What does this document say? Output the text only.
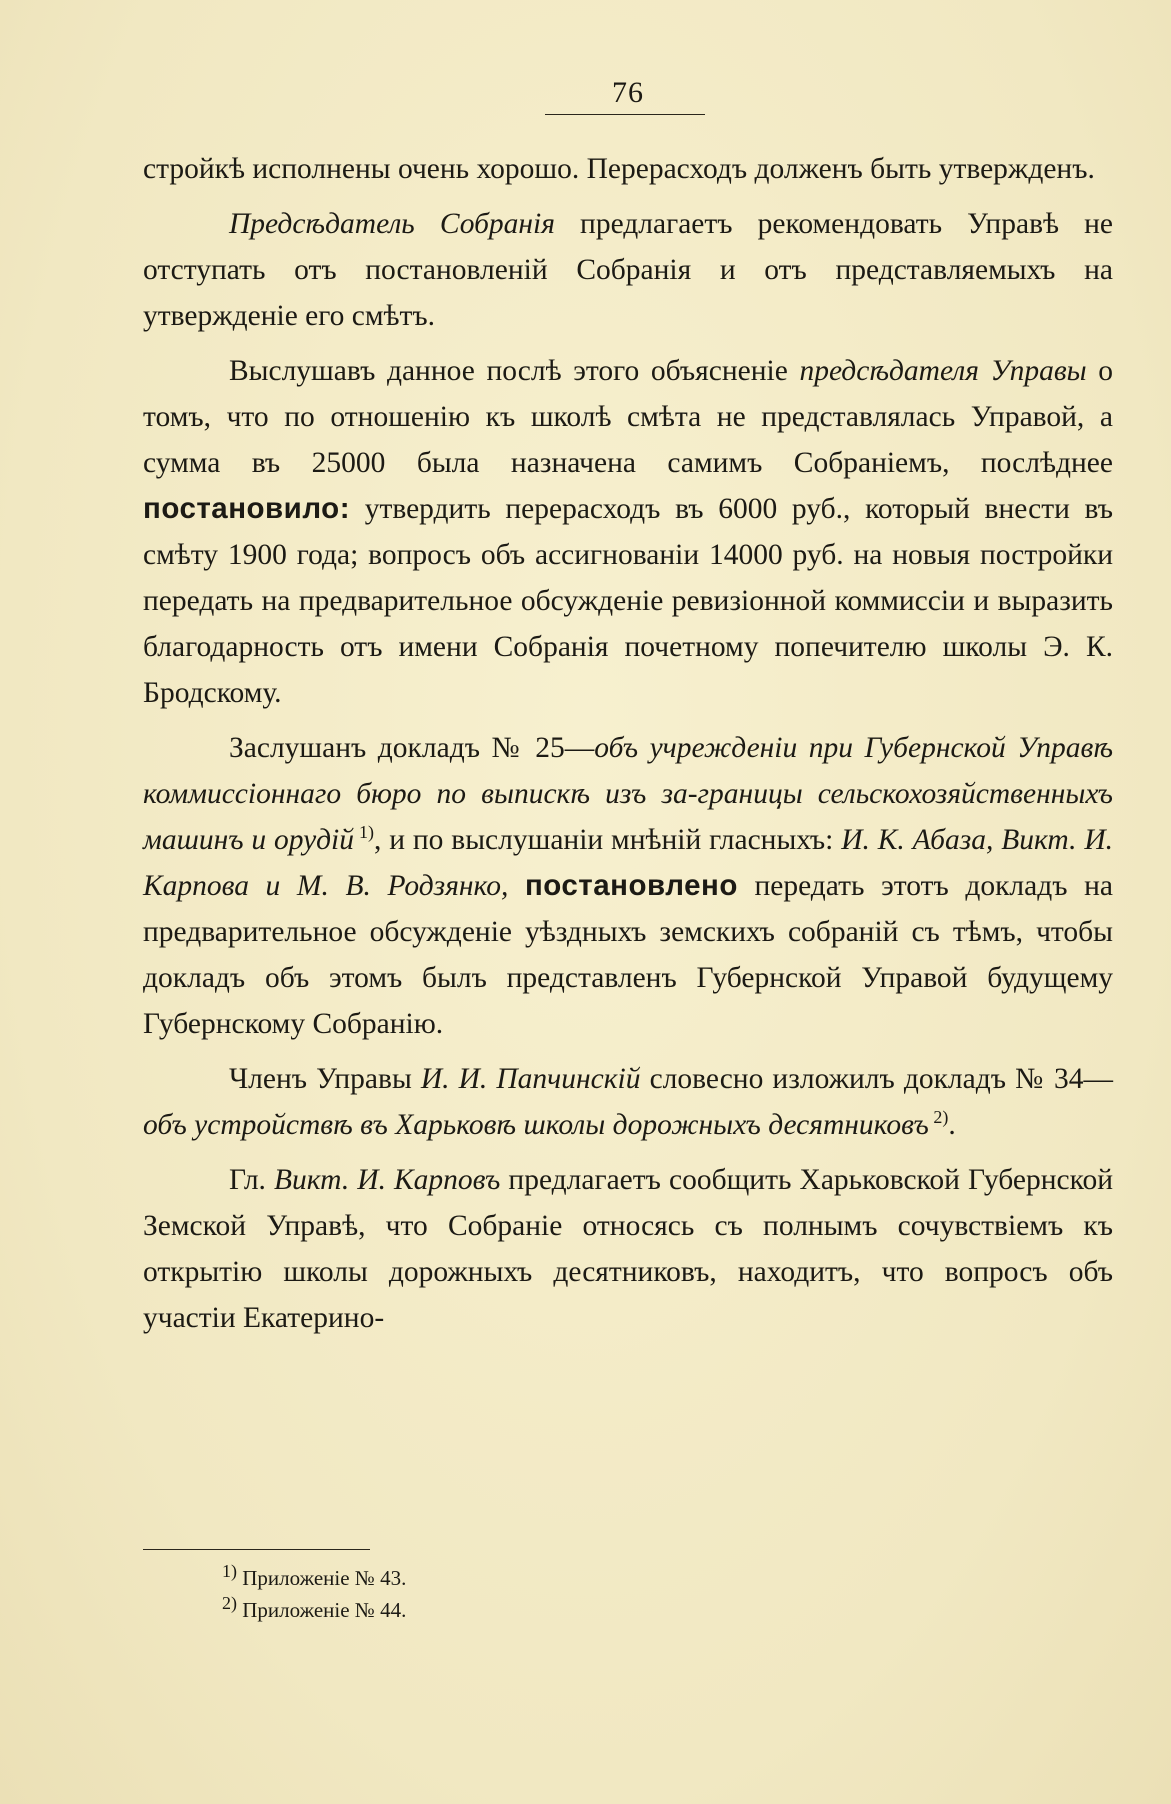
76

стройкѣ исполнены очень хорошо. Перерасходъ долженъ быть утвержденъ.

Предсѣдатель Собранія предлагаетъ рекомендовать Управѣ не отступать отъ постановленій Собранія и отъ представляемыхъ на утвержденіе его смѣтъ.

Выслушавъ данное послѣ этого объясненіе предсѣдателя Управы о томъ, что по отношенію къ школѣ смѣта не представлялась Управой, а сумма въ 25000 была назначена самимъ Собраніемъ, послѣднее постановило: утвердить перерасходъ въ 6000 руб., который внести въ смѣту 1900 года; вопросъ объ ассигнованіи 14000 руб. на новыя постройки передать на предварительное обсужденіе ревизіонной коммиссіи и выразить благодарность отъ имени Собранія почетному попечителю школы Э. К. Бродскому.

Заслушанъ докладъ № 25—объ учрежденіи при Губернской Управѣ коммиссіоннаго бюро по выпискѣ изъ за-границы сельскохозяйственныхъ машинъ и орудій $^{1)}$, и по выслушаніи мнѣній гласныхъ: И. К. Абаза, Викт. И. Карпова и М. В. Родзянко, постановлено передать этотъ докладъ на предварительное обсужденіе уѣздныхъ земскихъ собраній съ тѣмъ, чтобы докладъ объ этомъ былъ представленъ Губернской Управой будущему Губернскому Собранію.

Членъ Управы И. И. Папчинскій словесно изложилъ докладъ № 34—объ устройствѣ въ Харьковѣ школы дорожныхъ десятниковъ $^{2)}$.

Гл. Викт. И. Карповъ предлагаетъ сообщить Харьковской Губернской Земской Управѣ, что Собраніе относясь съ полнымъ сочувствіемъ къ открытію школы дорожныхъ десятниковъ, находитъ, что вопросъ объ участіи Екатерино-

$^{1)}$ Приложеніе № 43.
$^{2)}$ Приложеніе № 44.
